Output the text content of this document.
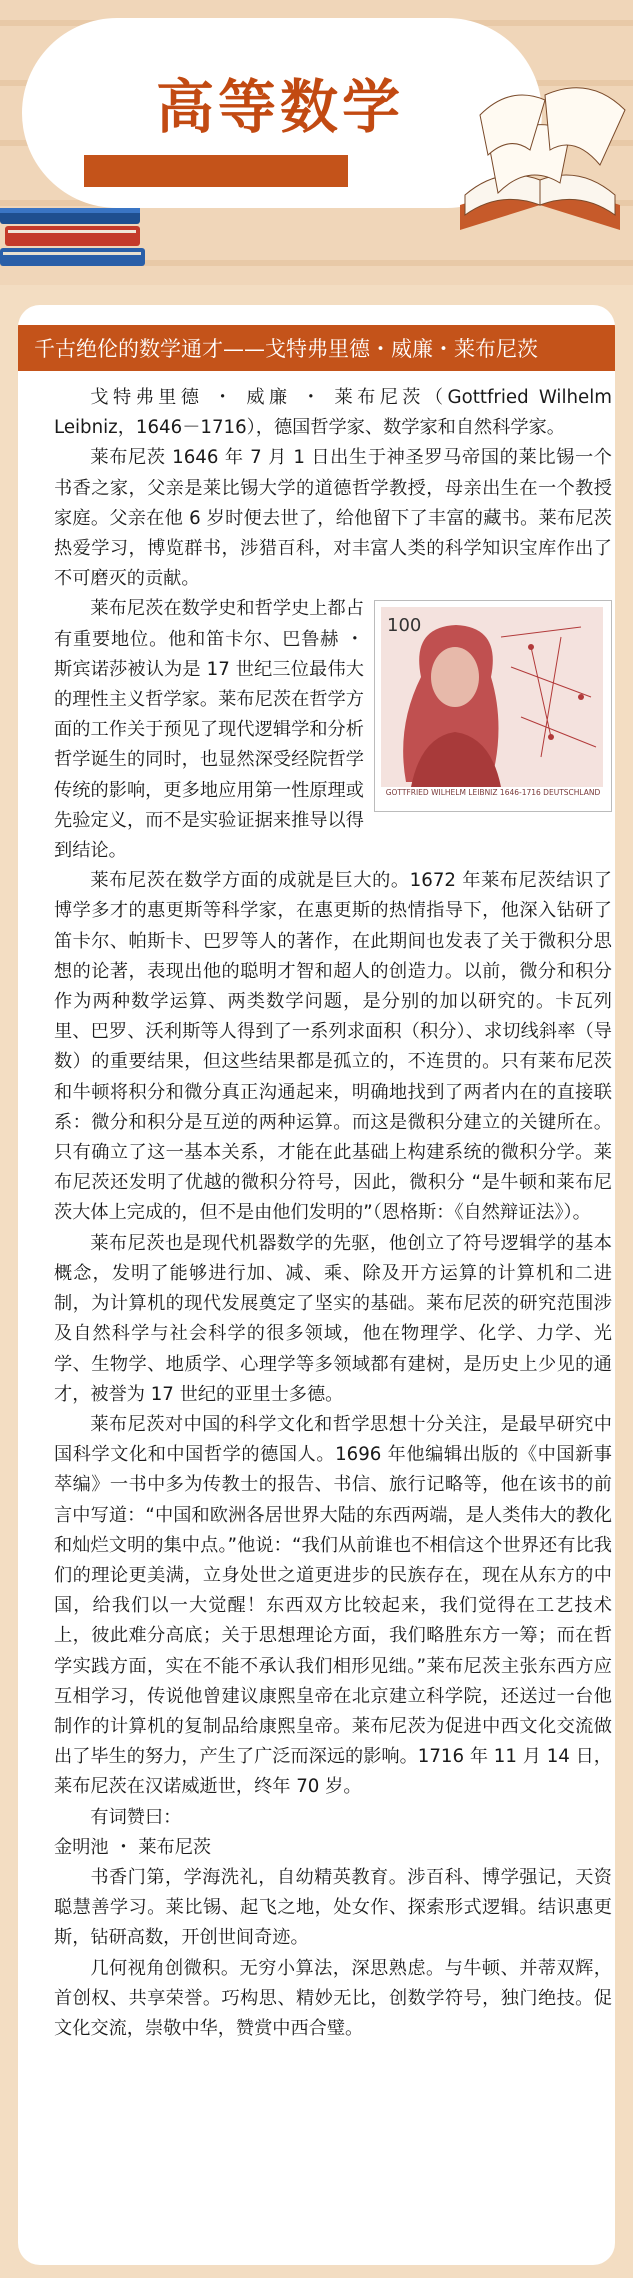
高等数学
千古绝伦的数学通才——戈特弗里德・威廉・莱布尼茨

戈特弗里德 ・ 威廉 ・ 莱布尼茨（Gottfried Wilhelm Leibniz，1646－1716），德国哲学家、数学家和自然科学家。

莱布尼茨 1646 年 7 月 1 日出生于神圣罗马帝国的莱比锡一个书香之家，父亲是莱比锡大学的道德哲学教授，母亲出生在一个教授家庭。父亲在他 6 岁时便去世了，给他留下了丰富的藏书。莱布尼茨热爱学习，博览群书，涉猎百科，对丰富人类的科学知识宝库作出了不可磨灭的贡献。

100
GOTTFRIED WILHELM LEIBNIZ 1646-1716 DEUTSCHLAND

莱布尼茨在数学史和哲学史上都占有重要地位。他和笛卡尔、巴鲁赫 ・ 斯宾诺莎被认为是 17 世纪三位最伟大的理性主义哲学家。莱布尼茨在哲学方面的工作关于预见了现代逻辑学和分析哲学诞生的同时，也显然深受经院哲学传统的影响，更多地应用第一性原理或先验定义，而不是实验证据来推导以得到结论。

莱布尼茨在数学方面的成就是巨大的。1672 年莱布尼茨结识了博学多才的惠更斯等科学家，在惠更斯的热情指导下，他深入钻研了笛卡尔、帕斯卡、巴罗等人的著作，在此期间也发表了关于微积分思想的论著，表现出他的聪明才智和超人的创造力。以前，微分和积分作为两种数学运算、两类数学问题，是分别的加以研究的。卡瓦列里、巴罗、沃利斯等人得到了一系列求面积（积分）、求切线斜率（导数）的重要结果，但这些结果都是孤立的，不连贯的。只有莱布尼茨和牛顿将积分和微分真正沟通起来，明确地找到了两者内在的直接联系：微分和积分是互逆的两种运算。而这是微积分建立的关键所在。只有确立了这一基本关系，才能在此基础上构建系统的微积分学。莱布尼茨还发明了优越的微积分符号，因此，微积分 “是牛顿和莱布尼茨大体上完成的，但不是由他们发明的”（恩格斯：《自然辩证法》）。

莱布尼茨也是现代机器数学的先驱，他创立了符号逻辑学的基本概念，发明了能够进行加、减、乘、除及开方运算的计算机和二进制，为计算机的现代发展奠定了坚实的基础。莱布尼茨的研究范围涉及自然科学与社会科学的很多领域，他在物理学、化学、力学、光学、生物学、地质学、心理学等多领域都有建树，是历史上少见的通才，被誉为 17 世纪的亚里士多德。

莱布尼茨对中国的科学文化和哲学思想十分关注，是最早研究中国科学文化和中国哲学的德国人。1696 年他编辑出版的《中国新事萃编》一书中多为传教士的报告、书信、旅行记略等，他在该书的前言中写道：“中国和欧洲各居世界大陆的东西两端，是人类伟大的教化和灿烂文明的集中点。”他说：“我们从前谁也不相信这个世界还有比我们的理论更美满，立身处世之道更进步的民族存在，现在从东方的中国，给我们以一大觉醒！东西双方比较起来，我们觉得在工艺技术上，彼此难分高底；关于思想理论方面，我们略胜东方一筹；而在哲学实践方面，实在不能不承认我们相形见绌。”莱布尼茨主张东西方应互相学习，传说他曾建议康熙皇帝在北京建立科学院，还送过一台他制作的计算机的复制品给康熙皇帝。莱布尼茨为促进中西文化交流做出了毕生的努力，产生了广泛而深远的影响。1716 年 11 月 14 日，莱布尼茨在汉诺威逝世，终年 70 岁。

有词赞曰：

金明池 ・ 莱布尼茨

书香门第，学海洗礼，自幼精英教育。涉百科、博学强记，天资聪慧善学习。莱比锡、起飞之地，处女作、探索形式逻辑。结识惠更斯，钻研高数，开创世间奇迹。

几何视角创微积。无穷小算法，深思熟虑。与牛顿、并蒂双辉，首创权、共享荣誉。巧构思、精妙无比，创数学符号，独门绝技。促文化交流，崇敬中华，赞赏中西合璧。
